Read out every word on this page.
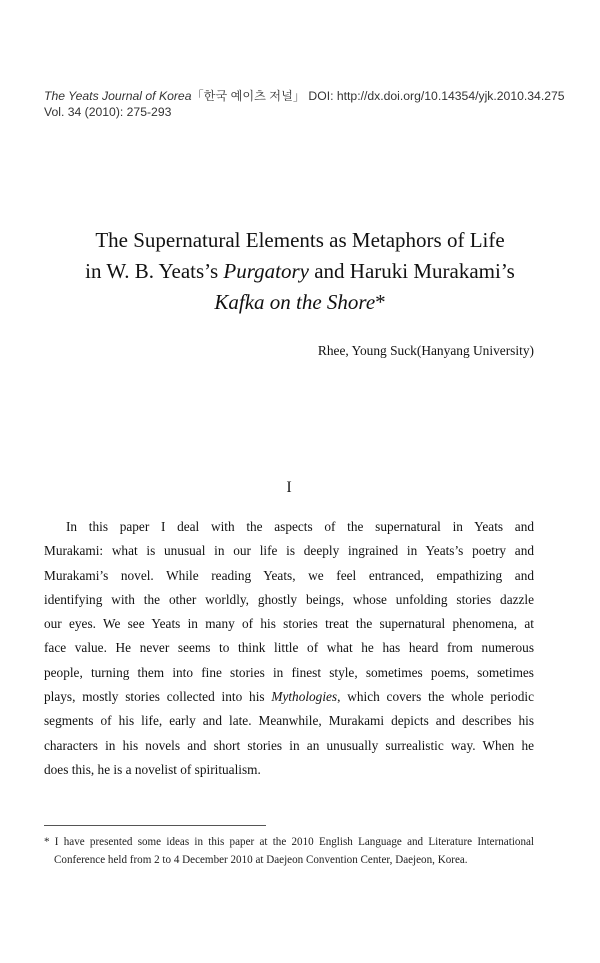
The Yeats Journal of Korea「한국 예이츠 저널」 DOI: http://dx.doi.org/10.14354/yjk.2010.34.275
Vol. 34 (2010): 275-293
The Supernatural Elements as Metaphors of Life
in W. B. Yeats’s Purgatory and Haruki Murakami’s
Kafka on the Shore*
Rhee, Young Suck(Hanyang University)
I
In this paper I deal with the aspects of the supernatural in Yeats and
Murakami: what is unusual in our life is deeply ingrained in Yeats’s poetry and
Murakami’s novel. While reading Yeats, we feel entranced, empathizing and
identifying with the other worldly, ghostly beings, whose unfolding stories dazzle
our eyes. We see Yeats in many of his stories treat the supernatural phenomena, at
face value. He never seems to think little of what he has heard from numerous
people, turning them into fine stories in finest style, sometimes poems, sometimes
plays, mostly stories collected into his Mythologies, which covers the whole periodic
segments of his life, early and late. Meanwhile, Murakami depicts and describes his
characters in his novels and short stories in an unusually surrealistic way. When he
does this, he is a novelist of spiritualism.
* I have presented some ideas in this paper at the 2010 English Language and Literature International
Conference held from 2 to 4 December 2010 at Daejeon Convention Center, Daejeon, Korea.
